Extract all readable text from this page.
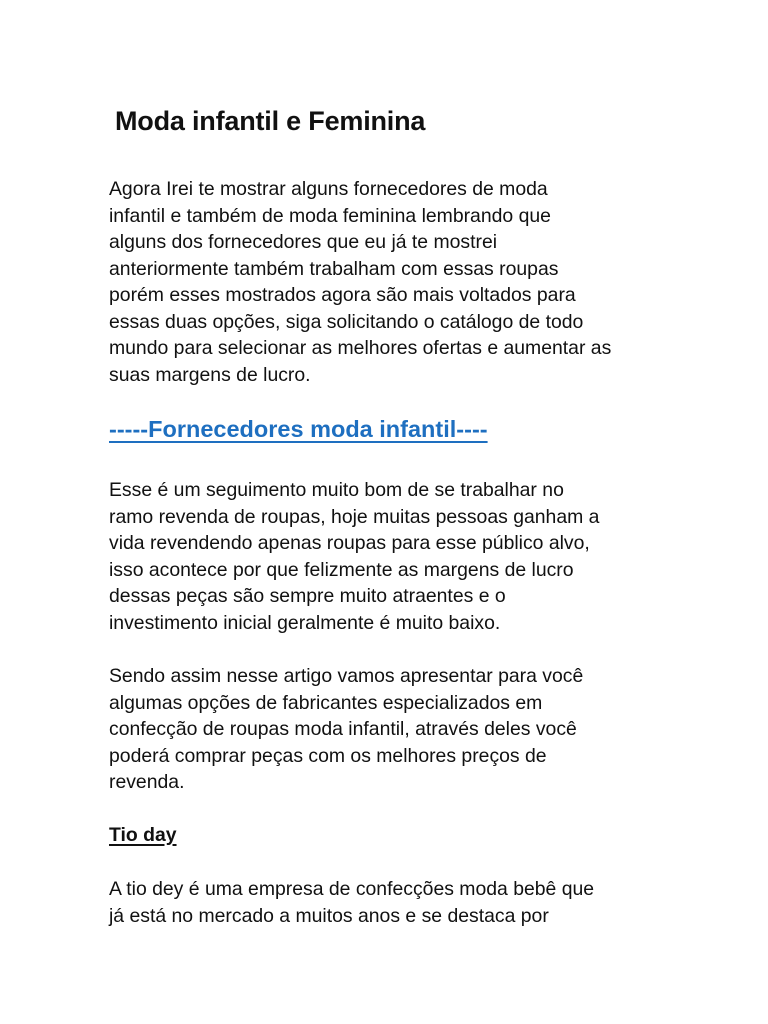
Moda infantil e Feminina

Agora Irei te mostrar alguns fornecedores de moda
infantil e também de moda feminina lembrando que
alguns dos fornecedores que eu já te mostrei
anteriormente também trabalham com essas roupas
porém esses mostrados agora são mais voltados para
essas duas opções, siga solicitando o catálogo de todo
mundo para selecionar as melhores ofertas e aumentar as
suas margens de lucro.

-----Fornecedores moda infantil----

Esse é um seguimento muito bom de se trabalhar no
ramo revenda de roupas, hoje muitas pessoas ganham a
vida revendendo apenas roupas para esse público alvo,
isso acontece por que felizmente as margens de lucro
dessas peças são sempre muito atraentes e o
investimento inicial geralmente é muito baixo.

Sendo assim nesse artigo vamos apresentar para você
algumas opções de fabricantes especializados em
confecção de roupas moda infantil, através deles você
poderá comprar peças com os melhores preços de
revenda.

Tio day

A tio dey é uma empresa de confecções moda bebê que
já está no mercado a muitos anos e se destaca por
